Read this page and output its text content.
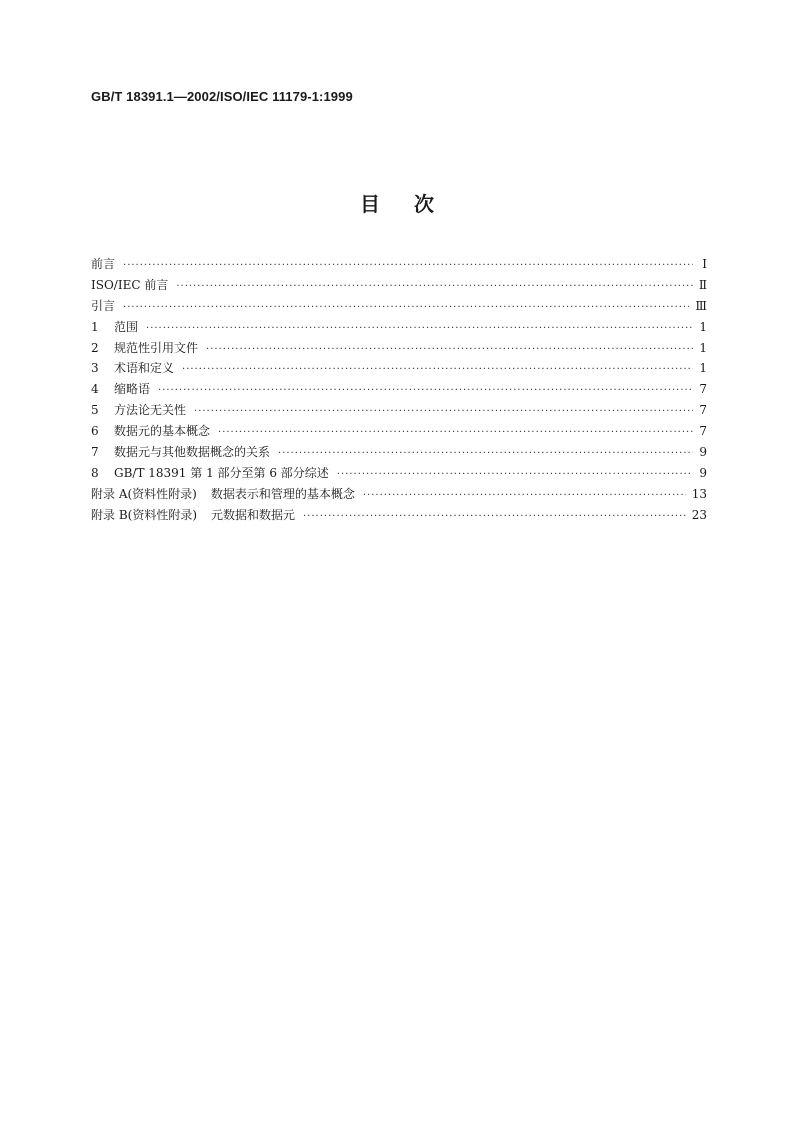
GB/T 18391.1—2002/ISO/IEC 11179-1:1999
目次
前言 ·····	Ⅰ
ISO/IEC 前言 ·····	Ⅱ
引言 ·····	Ⅲ
1	范围 ·····	1
2	规范性引用文件 ·····	1
3	术语和定义 ·····	1
4	缩略语 ·····	7
5	方法论无关性 ·····	7
6	数据元的基本概念 ·····	7
7	数据元与其他数据概念的关系 ·····	9
8	GB/T 18391 第 1 部分至第 6 部分综述 ·····	9
附录 A(资料性附录) 数据表示和管理的基本概念 ·····	13
附录 B(资料性附录) 元数据和数据元 ·····	23
